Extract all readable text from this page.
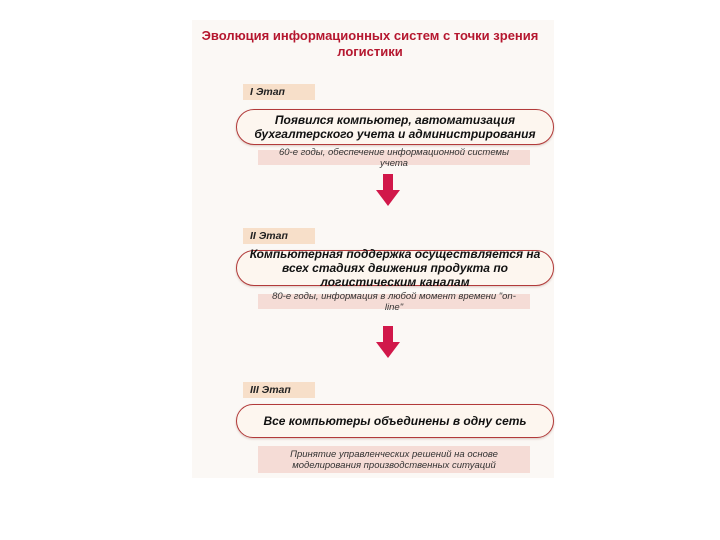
Эволюция информационных систем с точки зрения логистики
I Этап
Появился компьютер, автоматизация бухгалтерского учета и администрирования
60-е годы, обеспечение информационной системы учета
II Этап
Компьютерная поддержка осуществляется на всех стадиях движения продукта по логистическим каналам
80-е годы, информация в любой момент времени "on-line"
III Этап
Все компьютеры объединены в одну сеть
Принятие управленческих решений на основе моделирования производственных ситуаций
